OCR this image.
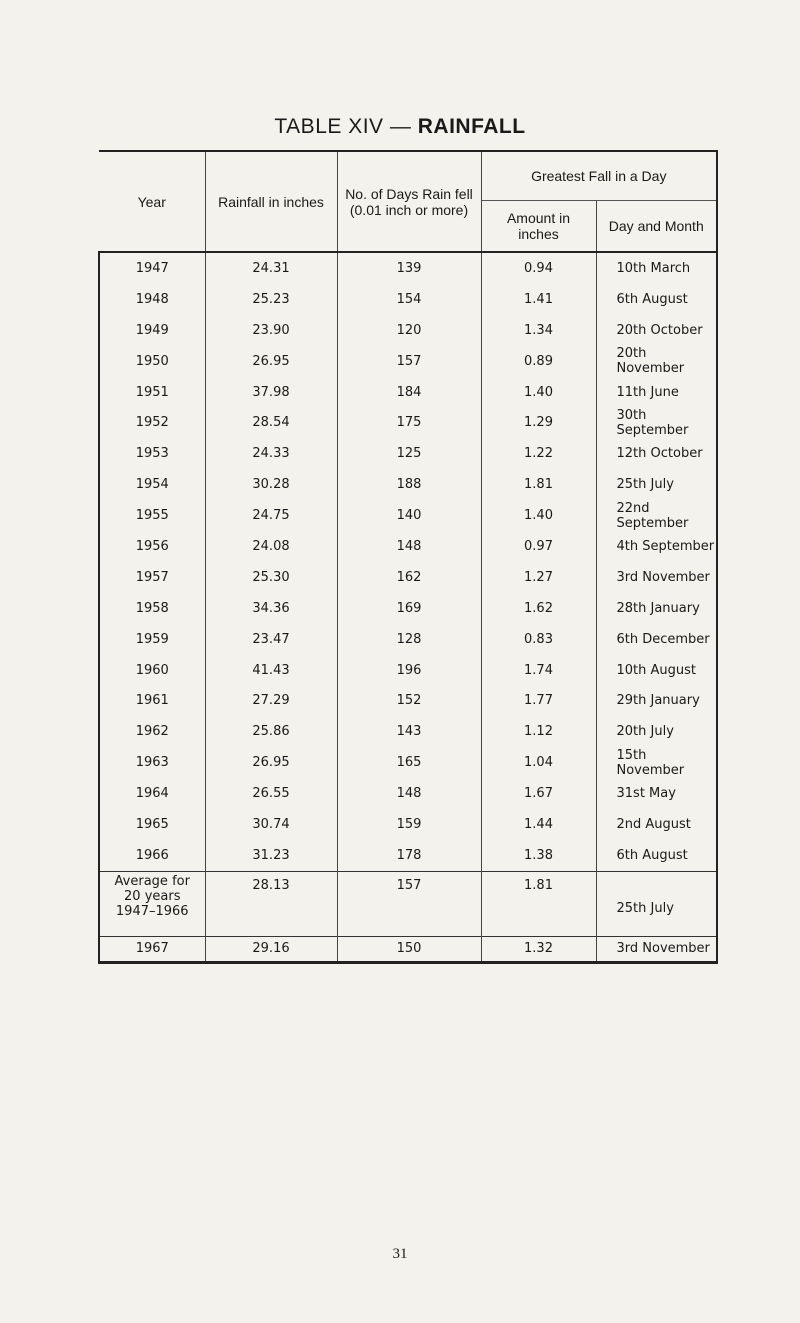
TABLE XIV — RAINFALL
Year	Rainfall in inches	No. of Days Rain fell (0.01 inch or more)	Greatest Fall in a Day	
			Amount in inches	Day and Month
1947	24.31	139	0.94	10th March
1948	25.23	154	1.41	6th August
1949	23.90	120	1.34	20th October
1950	26.95	157	0.89	20th November
1951	37.98	184	1.40	11th June
1952	28.54	175	1.29	30th September
1953	24.33	125	1.22	12th October
1954	30.28	188	1.81	25th July
1955	24.75	140	1.40	22nd September
1956	24.08	148	0.97	4th September
1957	25.30	162	1.27	3rd November
1958	34.36	169	1.62	28th January
1959	23.47	128	0.83	6th December
1960	41.43	196	1.74	10th August
1961	27.29	152	1.77	29th January
1962	25.86	143	1.12	20th July
1963	26.95	165	1.04	15th November
1964	26.55	148	1.67	31st May
1965	30.74	159	1.44	2nd August
1966	31.23	178	1.38	6th August
Average for
20 years
1947–1966	28.13	157	1.81	25th July
1967	29.16	150	1.32	3rd November
31
